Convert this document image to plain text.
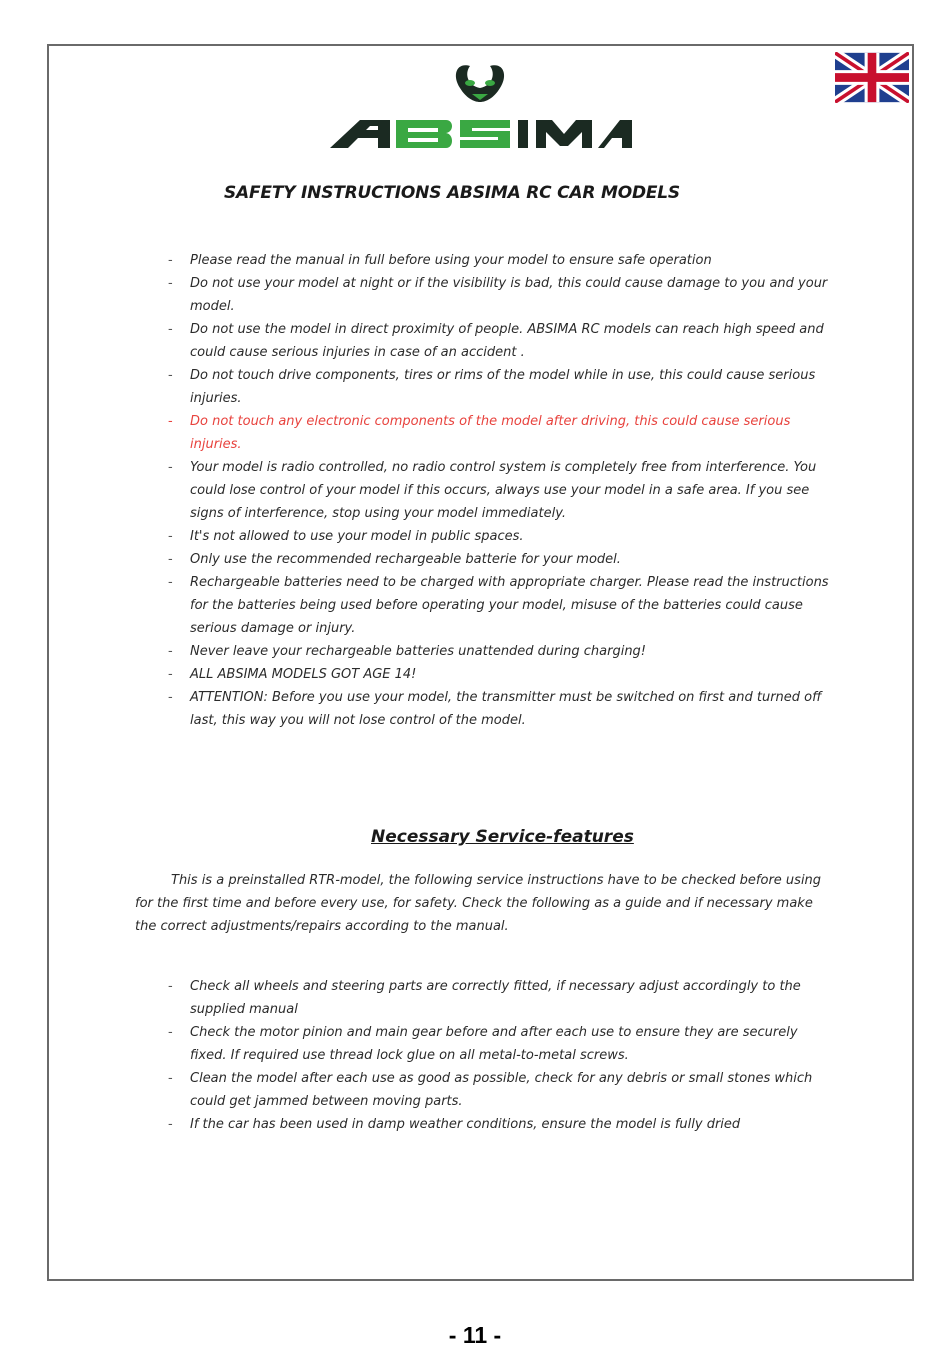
SAFETY INSTRUCTIONS ABSIMA RC CAR MODELS
- Please read the manual in full before using your model to ensure safe operation
- Do not use your model at night or if the visibility is bad, this could cause damage to you and your model.
- Do not use the model in direct proximity of people. ABSIMA RC models can reach high speed and could cause serious injuries in case of an accident .
- Do not touch drive components, tires or rims of the model while in use, this could cause serious injuries.
- Do not touch any electronic components of the model after driving, this could cause serious injuries.
- Your model is radio controlled, no radio control system is completely free from interference. You could lose control of your model if this occurs, always use your model in a safe area. If you see signs of interference, stop using your model immediately.
- It's not allowed to use your model in public spaces.
- Only use the recommended rechargeable batterie for your model.
- Rechargeable batteries need to be charged with appropriate charger. Please read the instructions for the batteries being used before operating your model, misuse of the batteries could cause serious damage or injury.
- Never leave your rechargeable batteries unattended during charging!
- ALL ABSIMA MODELS GOT AGE 14!
- ATTENTION: Before you use your model, the transmitter must be switched on first and turned off last, this way you will not lose control of the model.
Necessary Service-features

This is a preinstalled RTR-model, the following service instructions have to be checked before using for the first time and before every use, for safety. Check the following as a guide and if necessary make the correct adjustments/repairs according to the manual.

- Check all wheels and steering parts are correctly fitted, if necessary adjust accordingly to the supplied manual
- Check the motor pinion and main gear before and after each use to ensure they are securely fixed. If required use thread lock glue on all metal-to-metal screws.
- Clean the model after each use as good as possible, check for any debris or small stones which could get jammed between moving parts.
- If the car has been used in damp weather conditions, ensure the model is fully dried
- 11 -
